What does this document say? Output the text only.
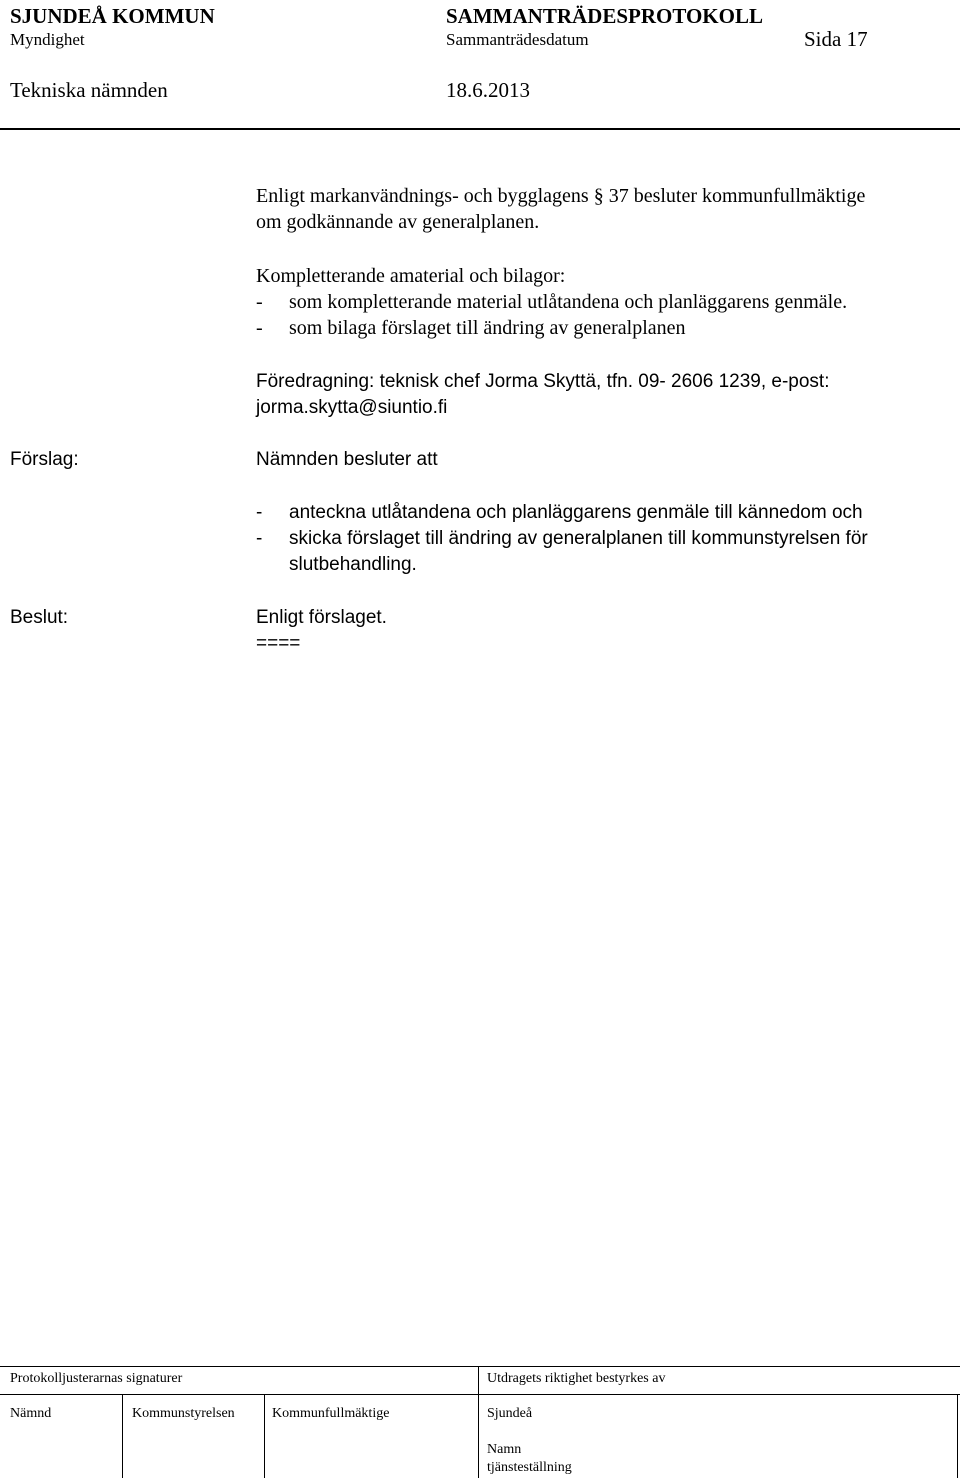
SJUNDEÅ KOMMUN	SAMMANTRÄDESPROTOKOLL
Myndighet	Sammanträdesdatum	Sida 17
Tekniska nämnden	18.6.2013
Enligt markanvändnings- och bygglagens § 37 besluter kommunfullmäktige
om godkännande av generalplanen.
Kompletterande amaterial och bilagor:
- som kompletterande material utlåtandena och planläggarens genmäle.
- som bilaga förslaget till ändring av generalplanen
Föredragning: teknisk chef Jorma Skyttä, tfn. 09- 2606 1239, e-post:
jorma.skytta@siuntio.fi
Förslag:	Nämnden besluter att
- anteckna utlåtandena och planläggarens genmäle till kännedom och
- skicka förslaget till ändring av generalplanen till kommunstyrelsen för
slutbehandling.
Beslut:	Enligt förslaget.
====
Protokolljusterarnas signaturer	Utdragets riktighet bestyrkes av
Nämnd	Kommunstyrelsen	Kommunfullmäktige	Sjundeå
Namn
tjänsteställning
